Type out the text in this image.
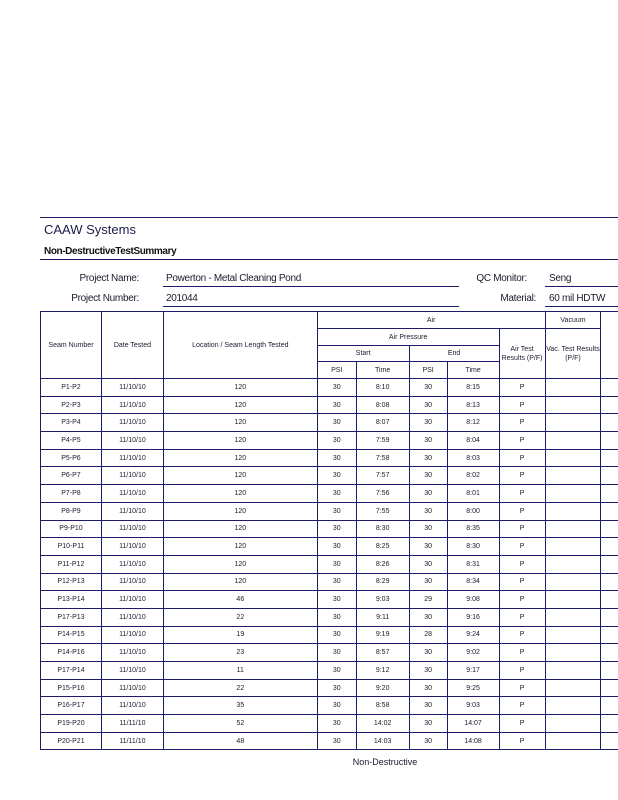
CAAW Systems
Non-DestructiveTestSummary
Project Name:	Powerton - Metal Cleaning Pond
Project Number:	201044
QC Monitor: Seng
Material: 60 mil HDTW
Seam Number	Date Tested	Location / Seam Length Tested	Air					Vacuum	
			Air Pressure				Air Test Results (P/F)	Vac. Test Results (P/F)	
			Start		End				
			PSI	Time	PSI	Time			
P1-P2	11/10/10	120	30	8:10	30	8:15	P		
P2-P3	11/10/10	120	30	8:08	30	8:13	P		
P3-P4	11/10/10	120	30	8:07	30	8:12	P		
P4-P5	11/10/10	120	30	7:59	30	8:04	P		
P5-P6	11/10/10	120	30	7:58	30	8:03	P		
P6-P7	11/10/10	120	30	7:57	30	8:02	P		
P7-P8	11/10/10	120	30	7:56	30	8:01	P		
P8-P9	11/10/10	120	30	7:55	30	8:00	P		
P9-P10	11/10/10	120	30	8:30	30	8:35	P		
P10-P11	11/10/10	120	30	8:25	30	8:30	P		
P11-P12	11/10/10	120	30	8:26	30	8:31	P		
P12-P13	11/10/10	120	30	8:29	30	8:34	P		
P13-P14	11/10/10	46	30	9:03	29	9:08	P		
P17-P13	11/10/10	22	30	9:11	30	9:16	P		
P14-P15	11/10/10	19	30	9:19	28	9:24	P		
P14-P16	11/10/10	23	30	8:57	30	9:02	P		
P17-P14	11/10/10	11	30	9:12	30	9:17	P		
P15-P16	11/10/10	22	30	9:20	30	9:25	P		
P16-P17	11/10/10	35	30	8:58	30	9:03	P		
P19-P20	11/11/10	52	30	14:02	30	14:07	P		
P20-P21	11/11/10	48	30	14:03	30	14:08	P		
Non-Destructive
